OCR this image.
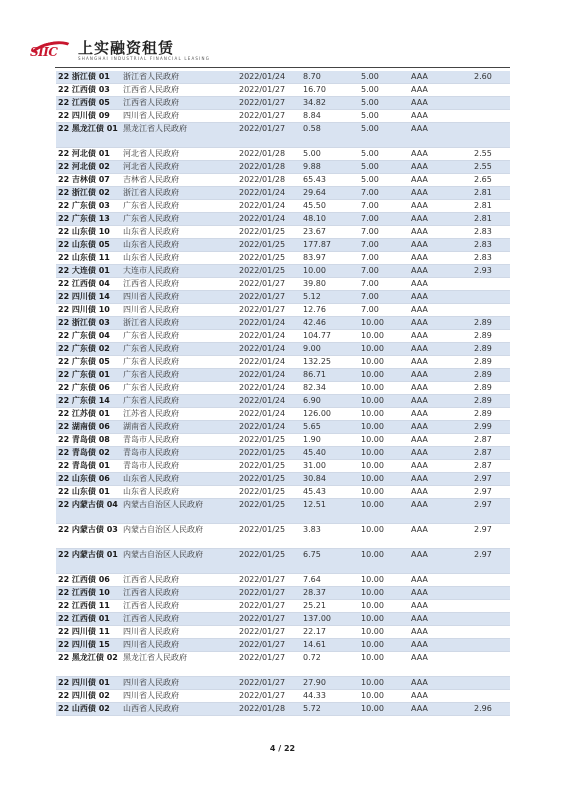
SIIC 上实融资租赁
SHANGHAI INDUSTRIAL FINANCIAL LEASING
22 浙江债 01	浙江省人民政府	2022/01/24	8.70	5.00	AAA	2.60
22 江西债 03	江西省人民政府	2022/01/27	16.70	5.00	AAA	
22 江西债 05	江西省人民政府	2022/01/27	34.82	5.00	AAA	
22 四川债 09	四川省人民政府	2022/01/27	8.84	5.00	AAA	
22 黑龙江债 01	黑龙江省人民政府	2022/01/27	0.58	5.00	AAA	
22 河北债 01	河北省人民政府	2022/01/28	5.00	5.00	AAA	2.55
22 河北债 02	河北省人民政府	2022/01/28	9.88	5.00	AAA	2.55
22 吉林债 07	吉林省人民政府	2022/01/28	65.43	5.00	AAA	2.65
22 浙江债 02	浙江省人民政府	2022/01/24	29.64	7.00	AAA	2.81
22 广东债 03	广东省人民政府	2022/01/24	45.50	7.00	AAA	2.81
22 广东债 13	广东省人民政府	2022/01/24	48.10	7.00	AAA	2.81
22 山东债 10	山东省人民政府	2022/01/25	23.67	7.00	AAA	2.83
22 山东债 05	山东省人民政府	2022/01/25	177.87	7.00	AAA	2.83
22 山东债 11	山东省人民政府	2022/01/25	83.97	7.00	AAA	2.83
22 大连债 01	大连市人民政府	2022/01/25	10.00	7.00	AAA	2.93
22 江西债 04	江西省人民政府	2022/01/27	39.80	7.00	AAA	
22 四川债 14	四川省人民政府	2022/01/27	5.12	7.00	AAA	
22 四川债 10	四川省人民政府	2022/01/27	12.76	7.00	AAA	
22 浙江债 03	浙江省人民政府	2022/01/24	42.46	10.00	AAA	2.89
22 广东债 04	广东省人民政府	2022/01/24	104.77	10.00	AAA	2.89
22 广东债 02	广东省人民政府	2022/01/24	9.00	10.00	AAA	2.89
22 广东债 05	广东省人民政府	2022/01/24	132.25	10.00	AAA	2.89
22 广东债 01	广东省人民政府	2022/01/24	86.71	10.00	AAA	2.89
22 广东债 06	广东省人民政府	2022/01/24	82.34	10.00	AAA	2.89
22 广东债 14	广东省人民政府	2022/01/24	6.90	10.00	AAA	2.89
22 江苏债 01	江苏省人民政府	2022/01/24	126.00	10.00	AAA	2.89
22 湖南债 06	湖南省人民政府	2022/01/24	5.65	10.00	AAA	2.99
22 青岛债 08	青岛市人民政府	2022/01/25	1.90	10.00	AAA	2.87
22 青岛债 02	青岛市人民政府	2022/01/25	45.40	10.00	AAA	2.87
22 青岛债 01	青岛市人民政府	2022/01/25	31.00	10.00	AAA	2.87
22 山东债 06	山东省人民政府	2022/01/25	30.84	10.00	AAA	2.97
22 山东债 01	山东省人民政府	2022/01/25	45.43	10.00	AAA	2.97
22 内蒙古债 04	内蒙古自治区人民政府	2022/01/25	12.51	10.00	AAA	2.97
22 内蒙古债 03	内蒙古自治区人民政府	2022/01/25	3.83	10.00	AAA	2.97
22 内蒙古债 01	内蒙古自治区人民政府	2022/01/25	6.75	10.00	AAA	2.97
22 江西债 06	江西省人民政府	2022/01/27	7.64	10.00	AAA	
22 江西债 10	江西省人民政府	2022/01/27	28.37	10.00	AAA	
22 江西债 11	江西省人民政府	2022/01/27	25.21	10.00	AAA	
22 江西债 01	江西省人民政府	2022/01/27	137.00	10.00	AAA	
22 四川债 11	四川省人民政府	2022/01/27	22.17	10.00	AAA	
22 四川债 15	四川省人民政府	2022/01/27	14.61	10.00	AAA	
22 黑龙江债 02	黑龙江省人民政府	2022/01/27	0.72	10.00	AAA	
22 四川债 01	四川省人民政府	2022/01/27	27.90	10.00	AAA	
22 四川债 02	四川省人民政府	2022/01/27	44.33	10.00	AAA	
22 山西债 02	山西省人民政府	2022/01/28	5.72	10.00	AAA	2.96
4 / 22
